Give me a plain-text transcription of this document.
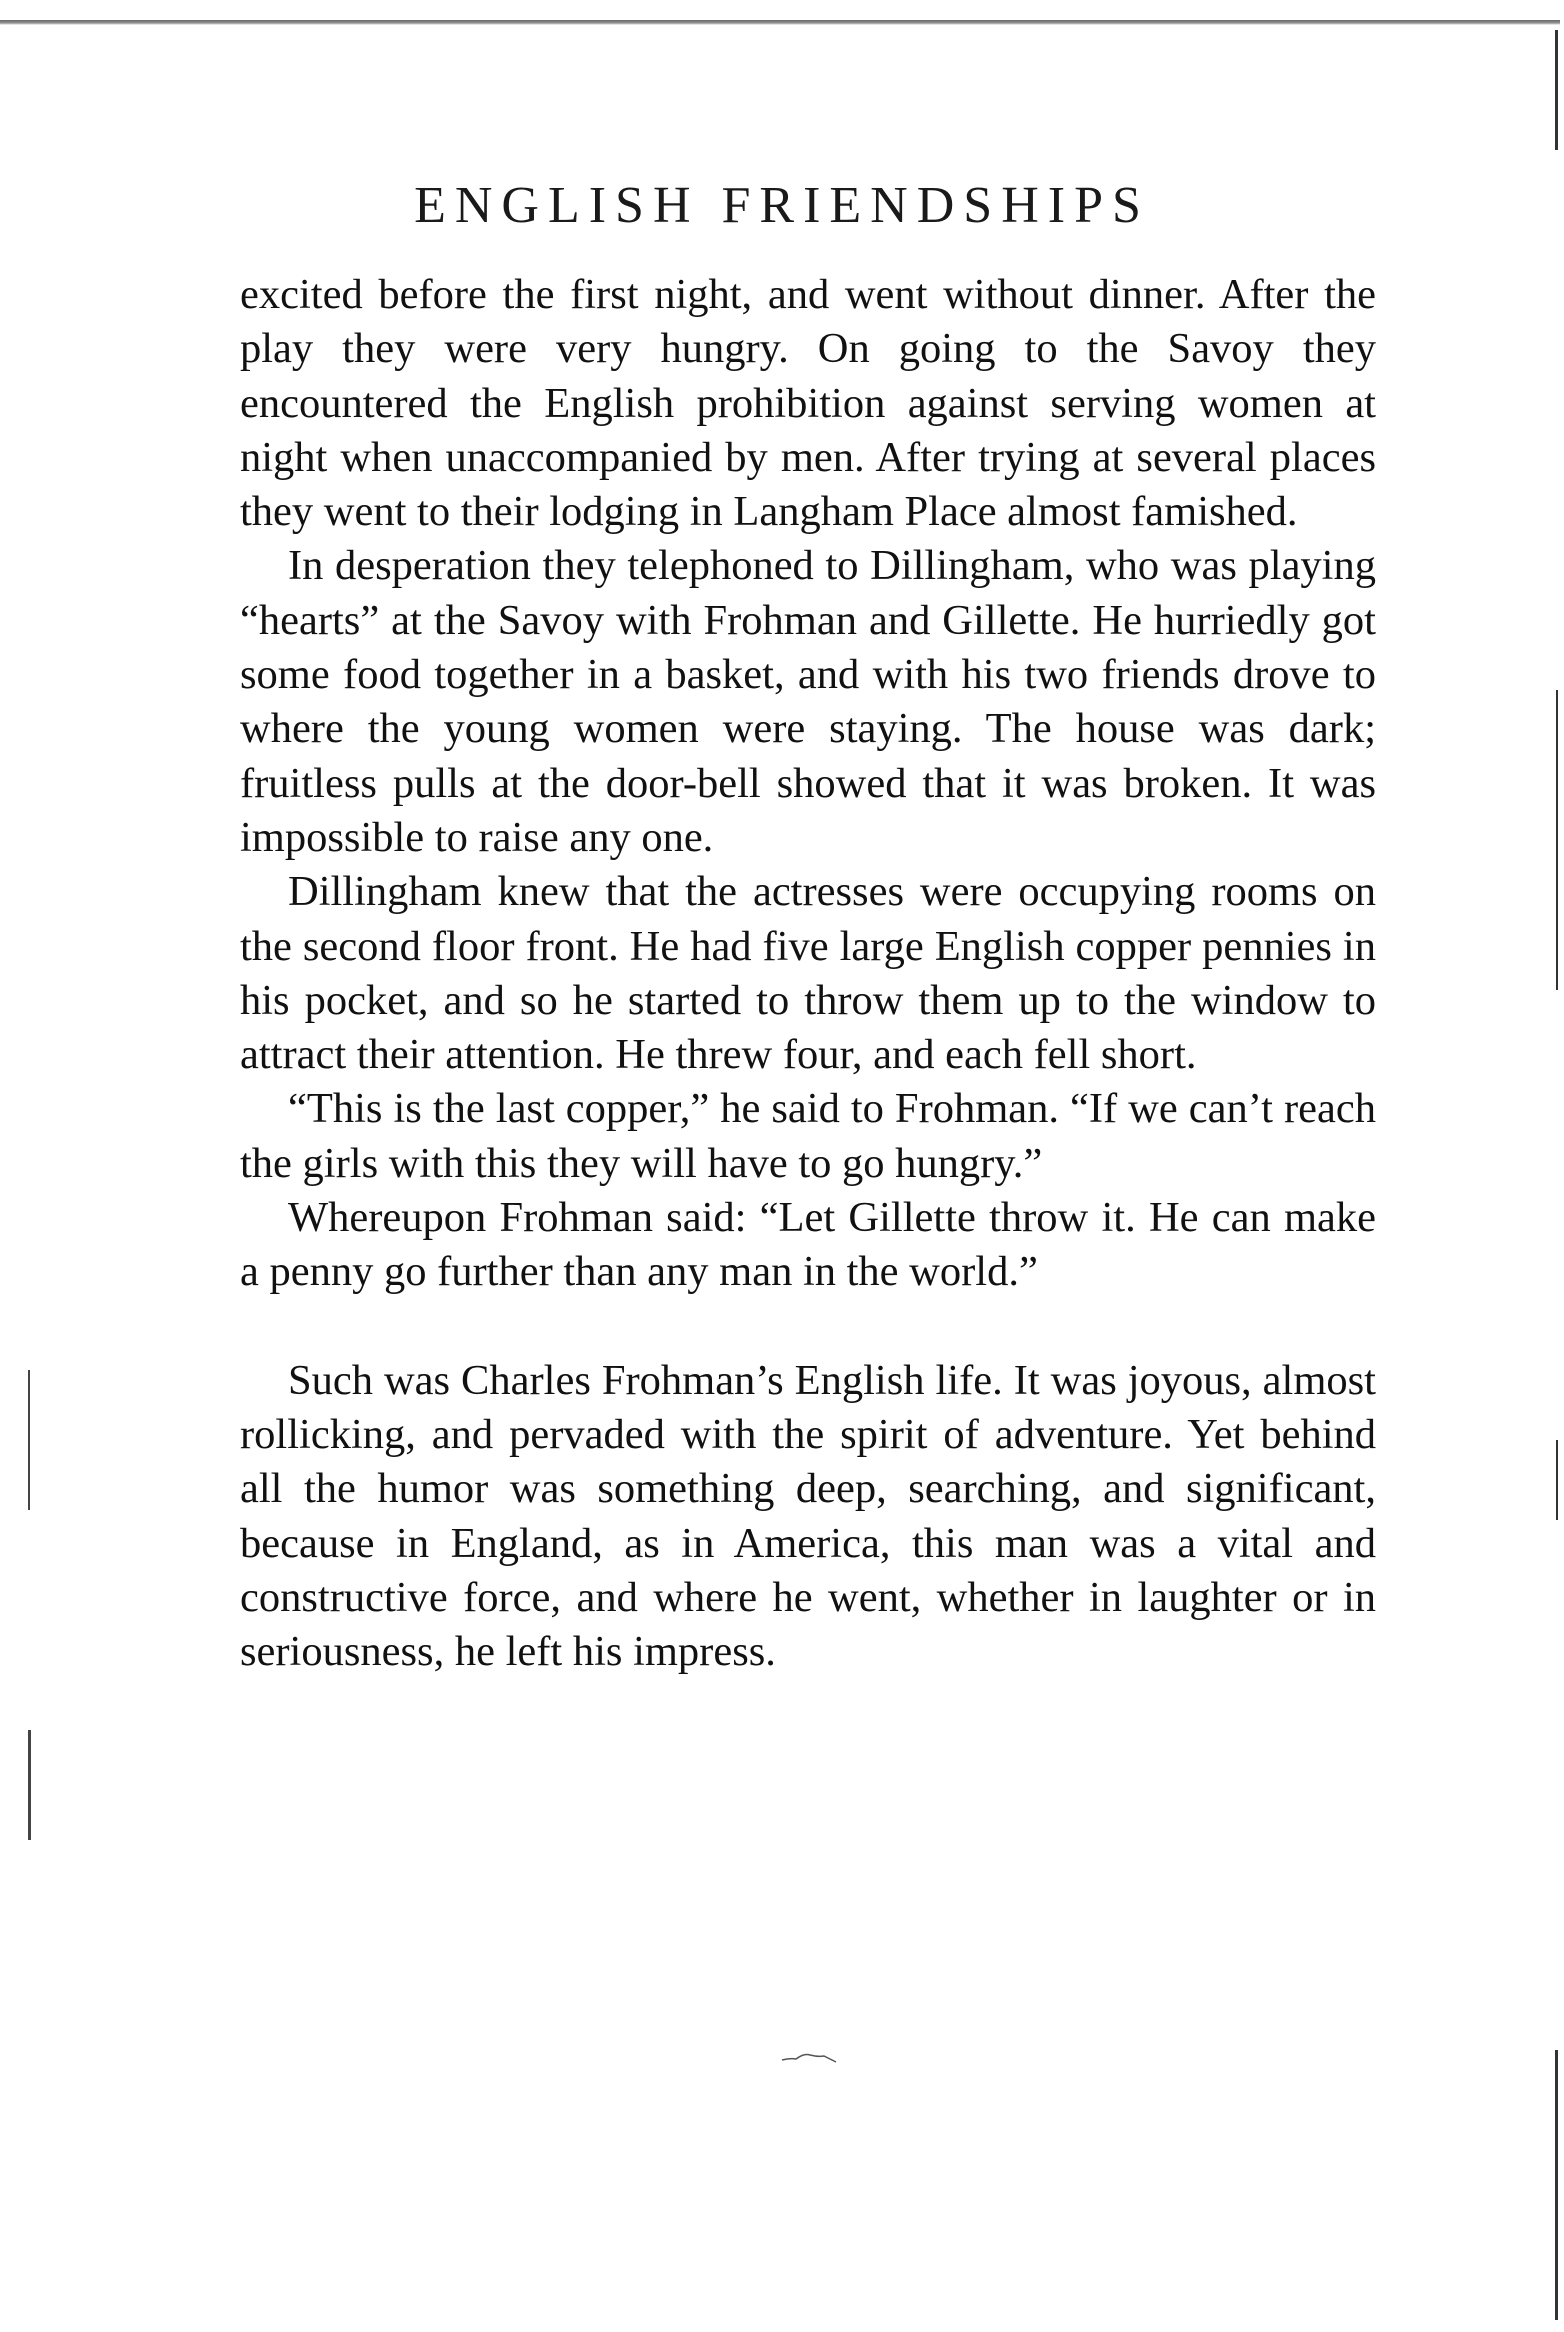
ENGLISH FRIENDSHIPS

excited before the first night, and went without dinner. After the play they were very hungry. On going to the Savoy they encountered the English prohibition against serving women at night when unaccompanied by men. After trying at several places they went to their lodging in Langham Place almost famished.

In desperation they telephoned to Dillingham, who was playing “hearts” at the Savoy with Frohman and Gillette. He hurriedly got some food together in a basket, and with his two friends drove to where the young women were staying. The house was dark; fruitless pulls at the door-bell showed that it was broken. It was impossible to raise any one.

Dillingham knew that the actresses were occupying rooms on the second floor front. He had five large English copper pennies in his pocket, and so he started to throw them up to the window to attract their attention. He threw four, and each fell short.

“This is the last copper,” he said to Frohman. “If we can’t reach the girls with this they will have to go hungry.”

Whereupon Frohman said: “Let Gillette throw it. He can make a penny go further than any man in the world.”

Such was Charles Frohman’s English life. It was joyous, almost rollicking, and pervaded with the spirit of adventure. Yet behind all the humor was something deep, searching, and significant, because in England, as in America, this man was a vital and constructive force, and where he went, whether in laughter or in seriousness, he left his impress.
